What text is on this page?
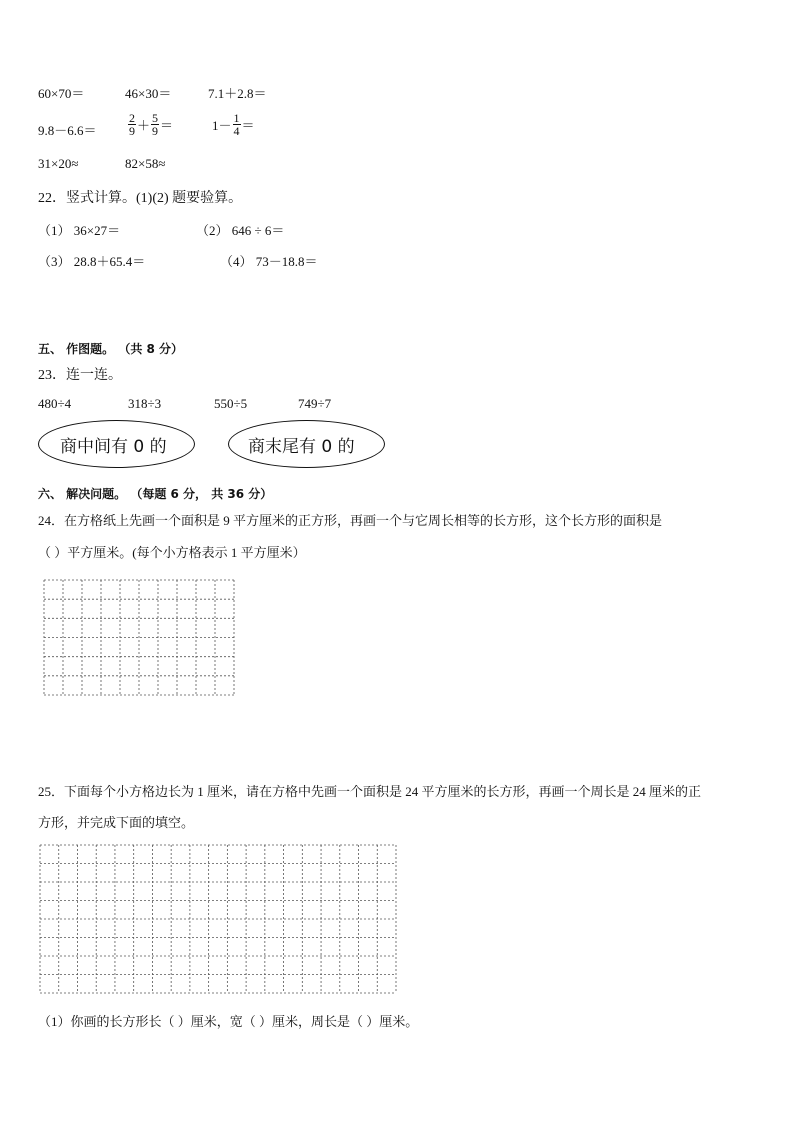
60×70＝	46×30＝	7.1＋2.8＝
9.8－6.6＝	$\frac{2}{9} + \frac{5}{9}$ ＝	$1- \frac{1}{4}$ ＝
31×20≈	82×58≈
22．竖式计算。(1)(2) 题要验算。
（1） 36×27＝	（2） 646 ÷ 6＝
（3） 28.8＋65.4＝	（4） 73－18.8＝
五、 作图题。 （共 8 分）
23．连一连。
480÷4	318÷3	550÷5	749÷7
商中间有 0 的	商末尾有 0 的
六、 解决问题。 （每题 6 分， 共 36 分）
24．在方格纸上先画一个面积是 9 平方厘米的正方形，再画一个与它周长相等的长方形，这个长方形的面积是
（ ）平方厘米。(每个小方格表示 1 平方厘米）
25．下面每个小方格边长为 1 厘米，请在方格中先画一个面积是 24 平方厘米的长方形，再画一个周长是 24 厘米的正
方形，并完成下面的填空。
（1）你画的长方形长（ ）厘米，宽（ ）厘米，周长是（ ）厘米。
